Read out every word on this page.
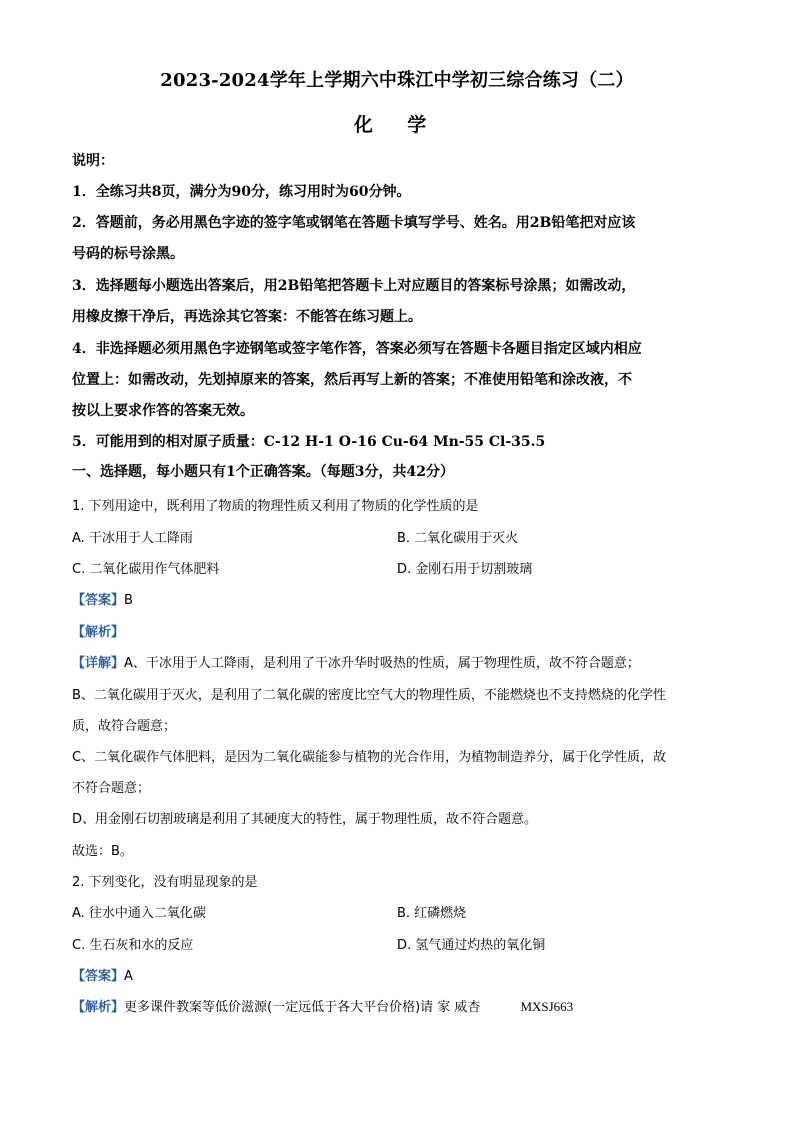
2023-2024学年上学期六中珠江中学初三综合练习（二）
化 学
说明：
1．全练习共8页，满分为90分，练习用时为60分钟。
2．答题前，务必用黑色字迹的签字笔或钢笔在答题卡填写学号、姓名。用2B铅笔把对应该
号码的标号涂黑。
3．选择题每小题选出答案后，用2B铅笔把答题卡上对应题目的答案标号涂黑；如需改动，
用橡皮擦干净后，再选涂其它答案：不能答在练习题上。
4．非选择题必须用黑色字迹钢笔或签字笔作答，答案必须写在答题卡各题目指定区域内相应
位置上：如需改动，先划掉原来的答案，然后再写上新的答案；不准使用铅笔和涂改液，不
按以上要求作答的答案无效。
5．可能用到的相对原子质量：C-12 H-1 O-16 Cu-64 Mn-55 Cl-35.5
一、选择题，每小题只有1个正确答案。（每题3分，共42分）
1. 下列用途中，既利用了物质的物理性质又利用了物质的化学性质的是
A. 干冰用于人工降雨	B. 二氧化碳用于灭火
C. 二氧化碳用作气体肥料	D. 金刚石用于切割玻璃
【答案】B
【解析】
【详解】A、干冰用于人工降雨，是利用了干冰升华时吸热的性质，属于物理性质，故不符合题意；
B、二氧化碳用于灭火，是利用了二氧化碳的密度比空气大的物理性质，不能燃烧也不支持燃烧的化学性
质，故符合题意；
C、二氧化碳作气体肥料，是因为二氧化碳能参与植物的光合作用，为植物制造养分，属于化学性质，故
不符合题意；
D、用金刚石切割玻璃是利用了其硬度大的特性，属于物理性质，故不符合题意。
故选：B。
2. 下列变化，没有明显现象的是
A. 往水中通入二氧化碳	B. 红磷燃烧
C. 生石灰和水的反应	D. 氢气通过灼热的氧化铜
【答案】A
【解析】更多课件教案等低价滋源(一定远低于各大平台价格)请 家 威杏	MXSJ663
